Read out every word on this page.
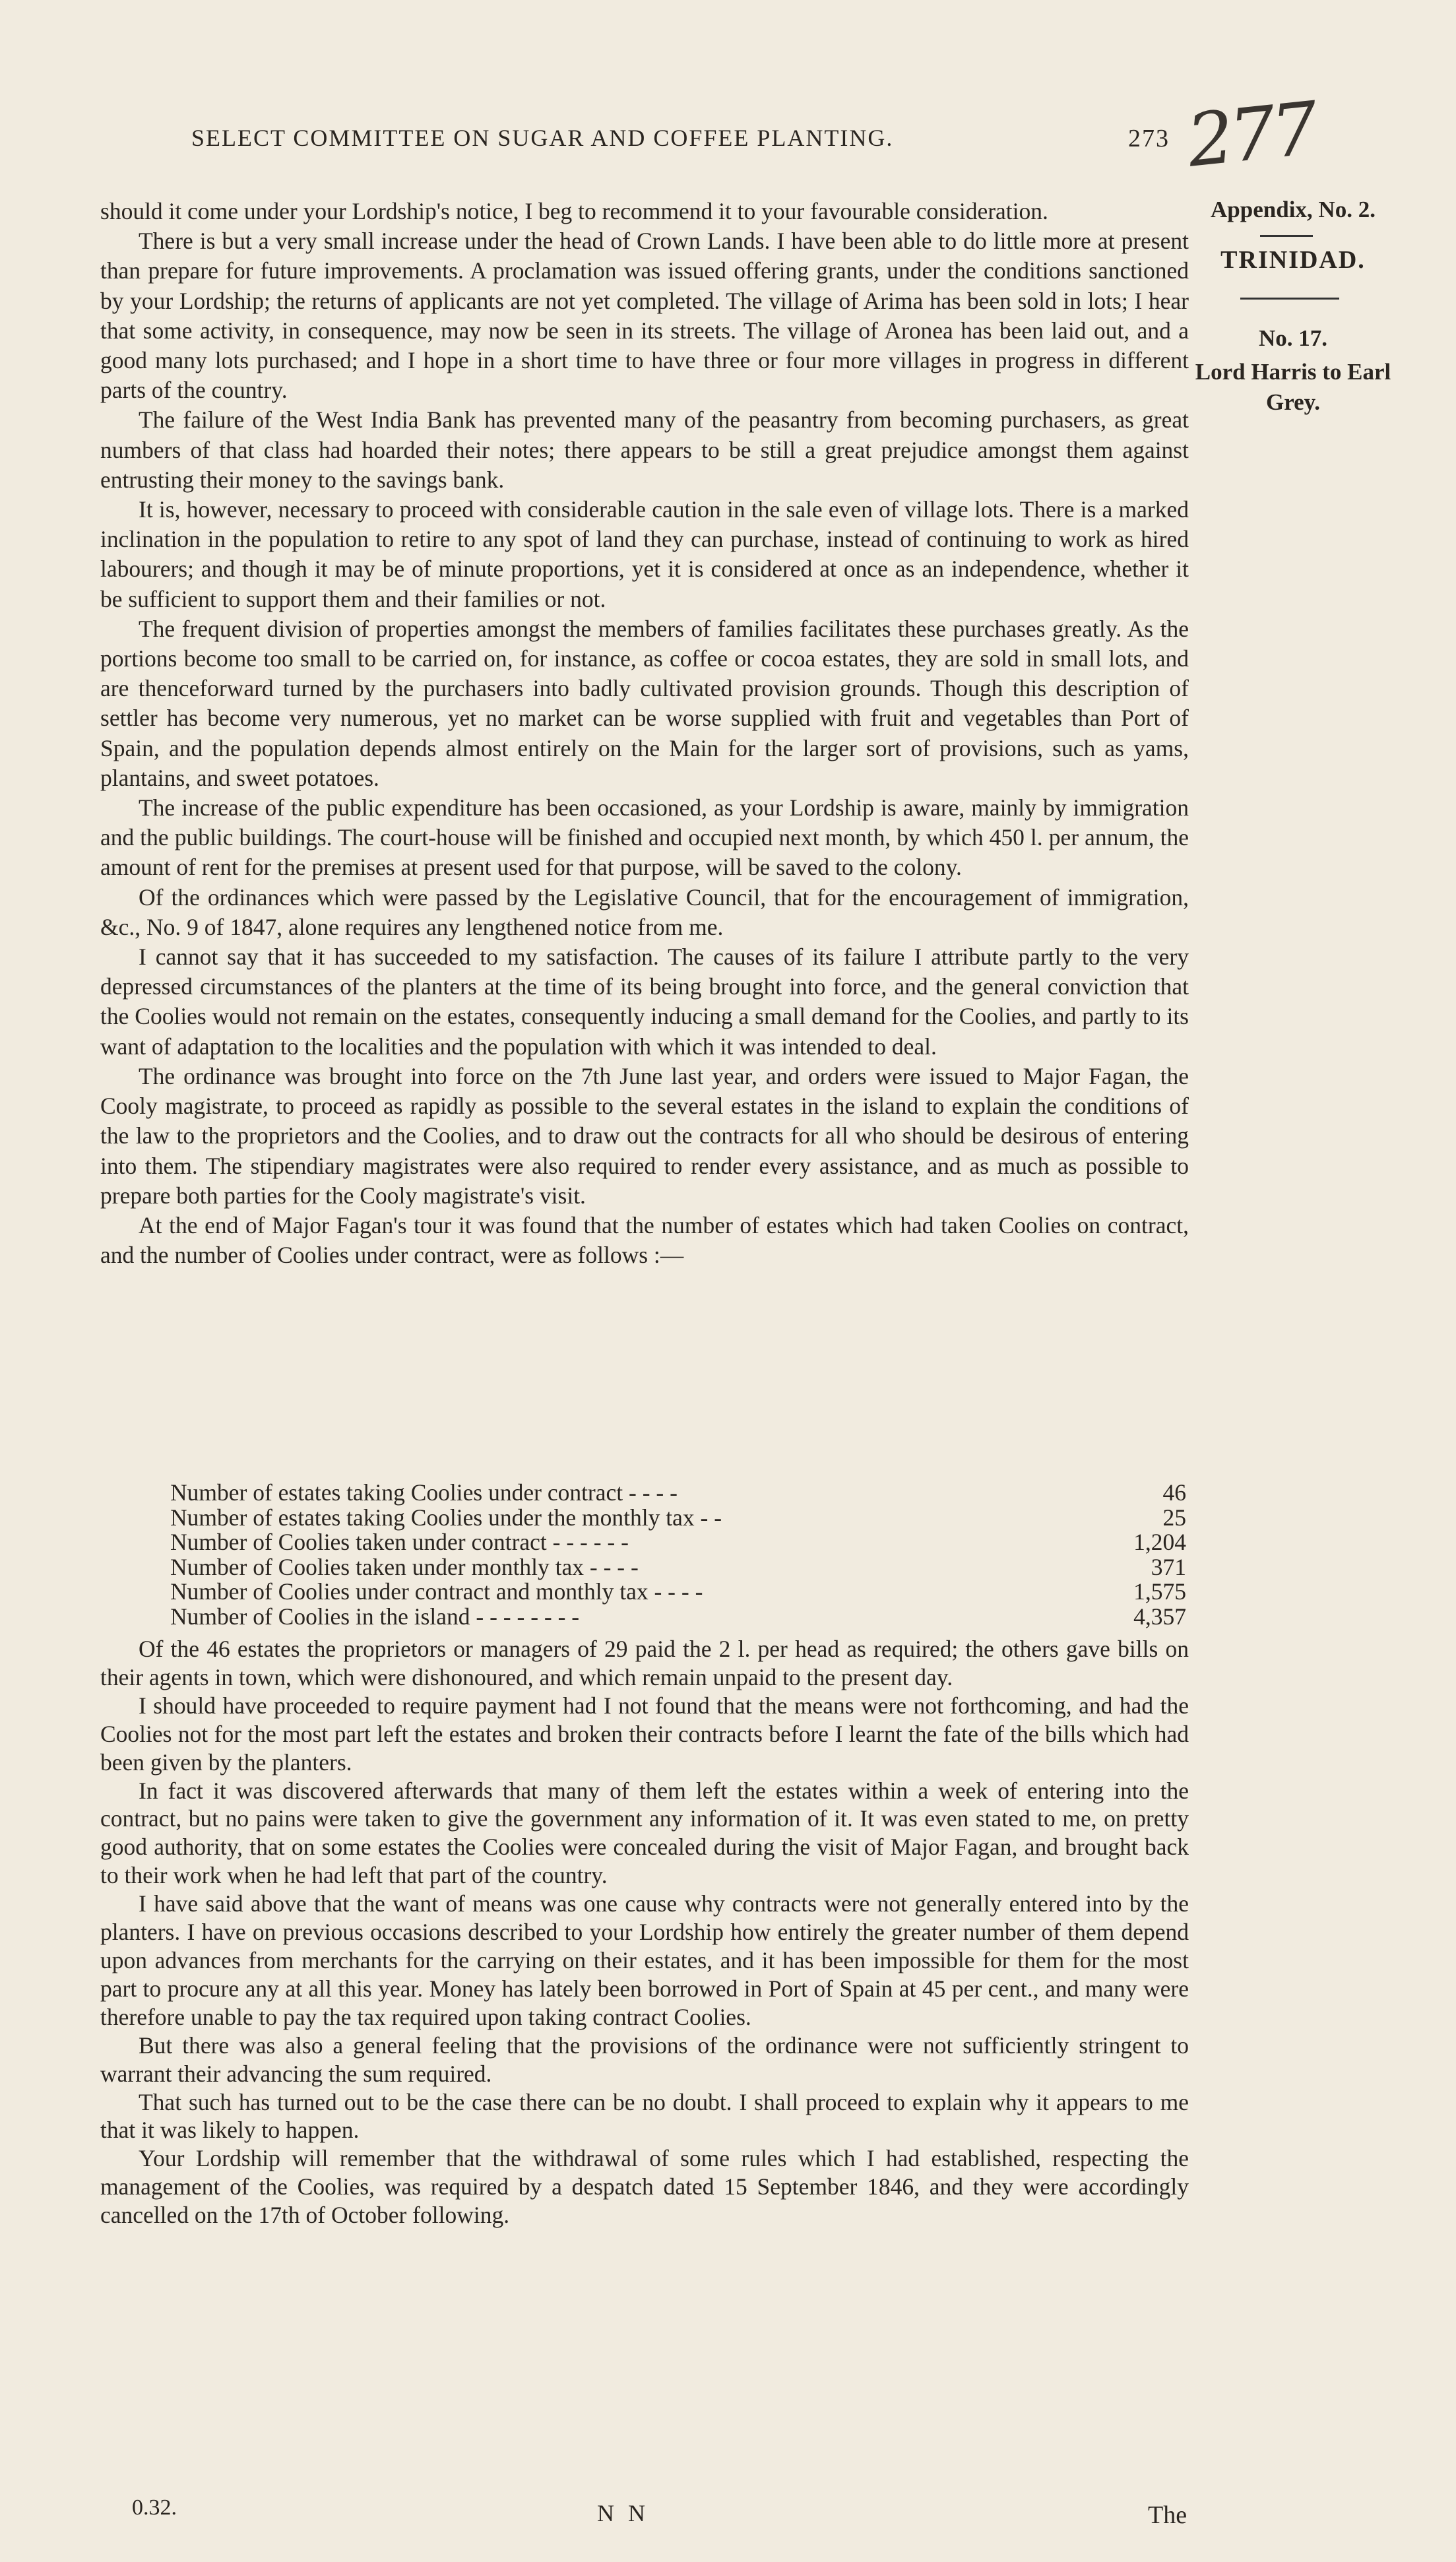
SELECT COMMITTEE ON SUGAR AND COFFEE PLANTING.	273 277
Appendix, No. 2.
TRINIDAD.
No. 17.
Lord Harris to Earl Grey.

should it come under your Lordship's notice, I beg to recommend it to your favourable consideration.

There is but a very small increase under the head of Crown Lands. I have been able to do little more at present than prepare for future improvements. A proclamation was issued offering grants, under the conditions sanctioned by your Lordship; the returns of applicants are not yet completed. The village of Arima has been sold in lots; I hear that some activity, in consequence, may now be seen in its streets. The village of Aronea has been laid out, and a good many lots purchased; and I hope in a short time to have three or four more villages in progress in different parts of the country.

The failure of the West India Bank has prevented many of the peasantry from becoming purchasers, as great numbers of that class had hoarded their notes; there appears to be still a great prejudice amongst them against entrusting their money to the savings bank.

It is, however, necessary to proceed with considerable caution in the sale even of village lots. There is a marked inclination in the population to retire to any spot of land they can purchase, instead of continuing to work as hired labourers; and though it may be of minute proportions, yet it is considered at once as an independence, whether it be sufficient to support them and their families or not.

The frequent division of properties amongst the members of families facilitates these purchases greatly. As the portions become too small to be carried on, for instance, as coffee or cocoa estates, they are sold in small lots, and are thenceforward turned by the purchasers into badly cultivated provision grounds. Though this description of settler has become very numerous, yet no market can be worse supplied with fruit and vegetables than Port of Spain, and the population depends almost entirely on the Main for the larger sort of provisions, such as yams, plantains, and sweet potatoes.

The increase of the public expenditure has been occasioned, as your Lordship is aware, mainly by immigration and the public buildings. The court-house will be finished and occupied next month, by which 450 l. per annum, the amount of rent for the premises at present used for that purpose, will be saved to the colony.

Of the ordinances which were passed by the Legislative Council, that for the encouragement of immigration, &c., No. 9 of 1847, alone requires any lengthened notice from me.

I cannot say that it has succeeded to my satisfaction. The causes of its failure I attribute partly to the very depressed circumstances of the planters at the time of its being brought into force, and the general conviction that the Coolies would not remain on the estates, consequently inducing a small demand for the Coolies, and partly to its want of adaptation to the localities and the population with which it was intended to deal.

The ordinance was brought into force on the 7th June last year, and orders were issued to Major Fagan, the Cooly magistrate, to proceed as rapidly as possible to the several estates in the island to explain the conditions of the law to the proprietors and the Coolies, and to draw out the contracts for all who should be desirous of entering into them. The stipendiary magistrates were also required to render every assistance, and as much as possible to prepare both parties for the Cooly magistrate's visit.

At the end of Major Fagan's tour it was found that the number of estates which had taken Coolies on contract, and the number of Coolies under contract, were as follows :—

Number of estates taking Coolies under contract - - - -	46
Number of estates taking Coolies under the monthly tax - -	25
Number of Coolies taken under contract - - - - - -	1,204
Number of Coolies taken under monthly tax - - - -	371
Number of Coolies under contract and monthly tax - - - -	1,575
Number of Coolies in the island - - - - - - - -	4,357

Of the 46 estates the proprietors or managers of 29 paid the 2 l. per head as required; the others gave bills on their agents in town, which were dishonoured, and which remain unpaid to the present day.

I should have proceeded to require payment had I not found that the means were not forthcoming, and had the Coolies not for the most part left the estates and broken their contracts before I learnt the fate of the bills which had been given by the planters.

In fact it was discovered afterwards that many of them left the estates within a week of entering into the contract, but no pains were taken to give the government any information of it. It was even stated to me, on pretty good authority, that on some estates the Coolies were concealed during the visit of Major Fagan, and brought back to their work when he had left that part of the country.

I have said above that the want of means was one cause why contracts were not generally entered into by the planters. I have on previous occasions described to your Lordship how entirely the greater number of them depend upon advances from merchants for the carrying on their estates, and it has been impossible for them for the most part to procure any at all this year. Money has lately been borrowed in Port of Spain at 45 per cent., and many were therefore unable to pay the tax required upon taking contract Coolies.

But there was also a general feeling that the provisions of the ordinance were not sufficiently stringent to warrant their advancing the sum required.

That such has turned out to be the case there can be no doubt. I shall proceed to explain why it appears to me that it was likely to happen.

Your Lordship will remember that the withdrawal of some rules which I had established, respecting the management of the Coolies, was required by a despatch dated 15 September 1846, and they were accordingly cancelled on the 17th of October following.

0.32.	N N	The
